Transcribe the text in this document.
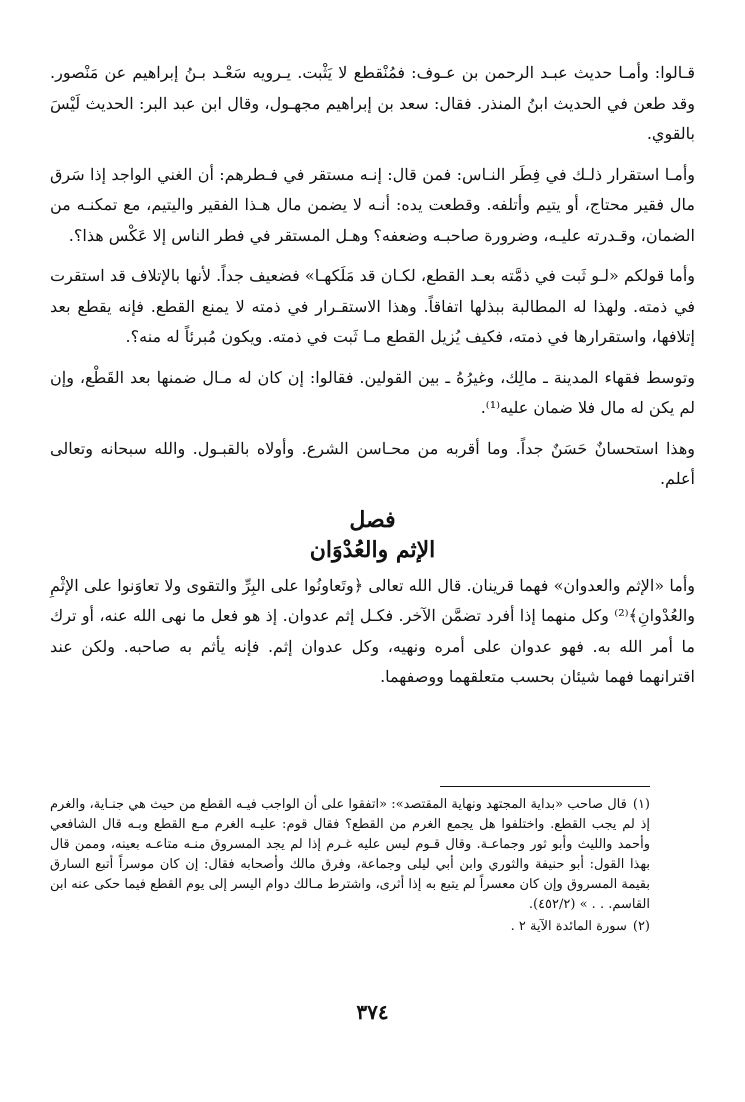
قـالوا: وأمـا حديث عبـد الرحمن بن عـوف: فمُنْقطع لا يَثْبت. يـرويه سَعْـد بـنُ إبراهيم عن مَنْصور. وقد طعن في الحديث ابنُ المنذر. فقال: سعد بن إبراهيم مجهـول، وقال ابن عبد البر: الحديث لَيْسَ بالقوي.

وأمـا استقرار ذلـك في فِطَر النـاس: فمن قال: إنـه مستقر في فـطرهم: أن الغني الواجد إذا سَرق مال فقير محتاج، أو يتيم وأتلفه. وقطعت يده: أنـه لا يضمن مال هـذا الفقير واليتيم، مع تمكنـه من الضمان، وقـدرته عليـه، وضرورة صاحبـه وضعفه؟ وهـل المستقر في فطر الناس إلا عَكْس هذا؟.

وأما قولكم «لـو ثَبت في ذمَّته بعـد القطع، لكـان قد مَلَكهـا» فضعيف جداً. لأنها بالإتلاف قد استقرت في ذمته. ولهذا له المطالبة ببذلها اتفاقاً. وهذا الاستقـرار في ذمته لا يمنع القطع. فإنه يقطع بعد إتلافها، واستقرارها في ذمته، فكيف يُزيل القطع مـا ثَبت في ذمته. ويكون مُبرئاً له منه؟.

وتوسط فقهاء المدينة ـ مالِك، وغيرُهُ ـ بين القولين. فقالوا: إن كان له مـال ضمنها بعد القَطْع، وإن لم يكن له مال فلا ضمان عليه⁽¹⁾.

وهذا استحسانٌ حَسَنٌ جداً. وما أقربه من محـاسن الشرع. وأولاه بالقبـول. والله سبحانه وتعالى أعلم.

فصل
الإثم والعُدْوَان

وأما «الإثم والعدوان» فهما قرينان. قال الله تعالى ﴿وتَعاونُوا على البِرِّ والتقوى ولا تعاوَنوا على الإثْمِ والعُدْوانِ﴾⁽²⁾ وكل منهما إذا أفرد تضمَّن الآخر. فكـل إثم عدوان. إذ هو فعل ما نهى الله عنه، أو ترك ما أمر الله به. فهو عدوان على أمره ونهيه، وكل عدوان إثم. فإنه يأثم به صاحبه. ولكن عند اقترانهما فهما شيئان بحسب متعلقهما ووصفهما.

(١)قال صاحب «بداية المجتهد ونهاية المقتصد»: «اتفقوا على أن الواجب فيـه القطع من حيث هي جنـاية، والغرم إذ لم يجب القطع. واختلفوا هل يجمع الغرم من القطع؟ فقال قوم: عليـه الغرم مـع القطع وبـه قال الشافعي وأحمد والليث وأبو ثور وجماعـة. وقال قـوم ليس عليه غـرم إذا لم يجد المسروق منـه متاعـه بعينه، وممن قال بهذا القول: أبو حنيفة والثوري وابن أبي ليلى وجماعة، وفرق مالك وأصحابه فقال: إن كان موسراً أتبع السارق بقيمة المسروق وإن كان معسراً لم يتبع به إذا أثرى، واشترط مـالك دوام اليسر إلى يوم القطع فيما حكى عنه ابن القاسم. . . » (٤٥٢/٢).

(٢)سورة المائدة الآية ٢ .

٣٧٤
